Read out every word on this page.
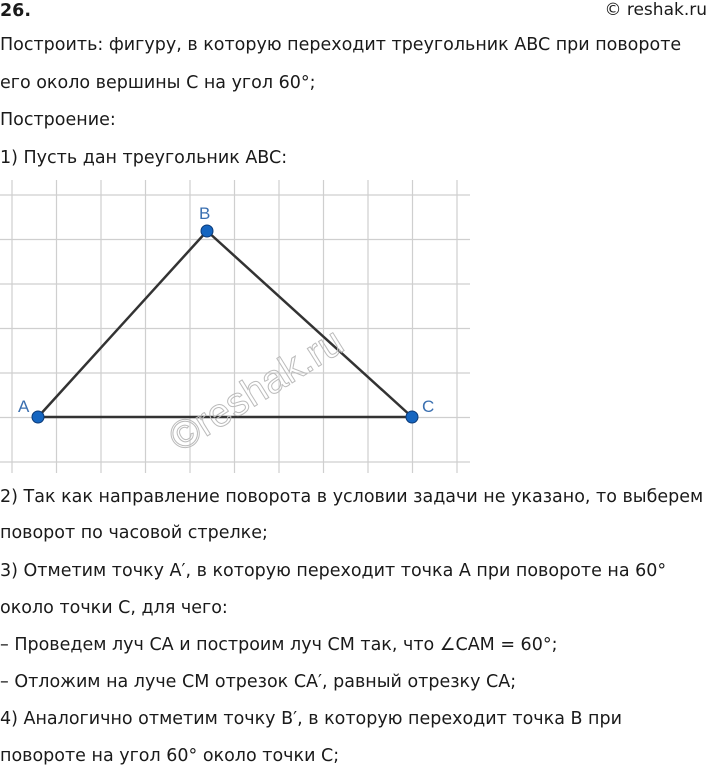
26.	© reshak.ru
Построить: фигуру, в которую переходит треугольник ABC при повороте
его около вершины C на угол 60°;
Построение:
1) Пусть дан треугольник ABC:
A
B
C
©reshak.ru
2) Так как направление поворота в условии задачи не указано, то выберем
поворот по часовой стрелке;
3) Отметим точку A′, в которую переходит точка A при повороте на 60°
около точки C, для чего:
– Проведем луч CA и построим луч CM так, что ∠CAM = 60°;
– Отложим на луче CM отрезок CA′, равный отрезку CA;
4) Аналогично отметим точку B′, в которую переходит точка B при
повороте на угол 60° около точки C;
